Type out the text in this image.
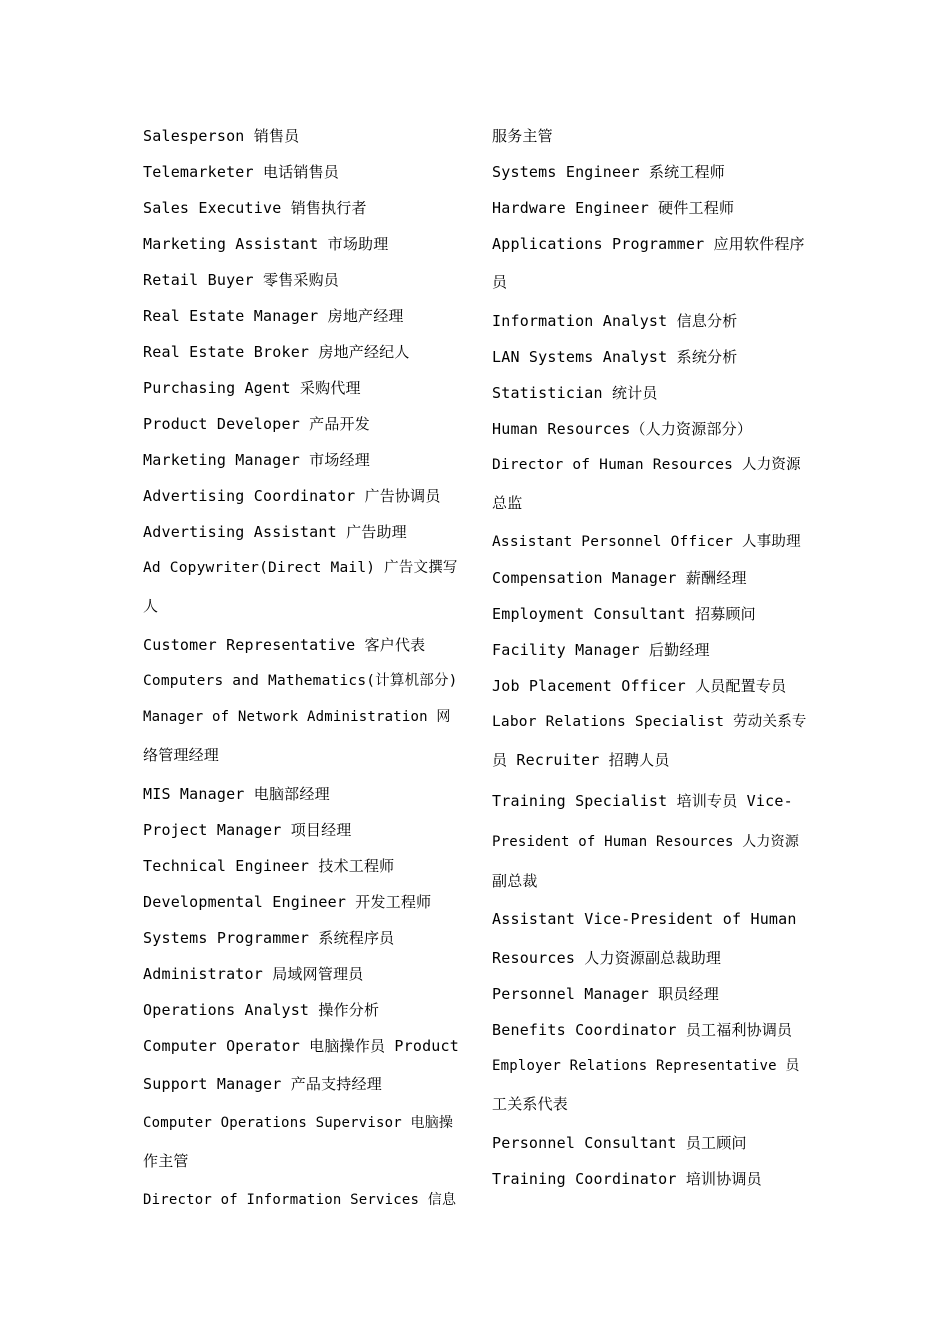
Salesperson 销售员
Telemarketer 电话销售员
Sales Executive 销售执行者
Marketing Assistant 市场助理
Retail Buyer 零售采购员
Real Estate Manager 房地产经理
Real Estate Broker 房地产经纪人
Purchasing Agent 采购代理
Product Developer 产品开发
Marketing Manager 市场经理
Advertising Coordinator 广告协调员
Advertising Assistant 广告助理
Ad Copywriter(Direct Mail) 广告文撰写
人
Customer Representative 客户代表
Computers and Mathematics(计算机部分)
Manager of Network Administration 网
络管理经理
MIS Manager 电脑部经理
Project Manager 项目经理
Technical Engineer 技术工程师
Developmental Engineer 开发工程师
Systems Programmer 系统程序员
Administrator 局域网管理员
Operations Analyst 操作分析
Computer Operator 电脑操作员 Product
Support Manager 产品支持经理
Computer Operations Supervisor 电脑操
作主管
Director of Information Services 信息
服务主管
Systems Engineer 系统工程师
Hardware Engineer 硬件工程师
Applications Programmer 应用软件程序
员
Information Analyst 信息分析
LAN Systems Analyst 系统分析
Statistician 统计员
Human Resources（人力资源部分）
Director of Human Resources 人力资源
总监
Assistant Personnel Officer 人事助理
Compensation Manager 薪酬经理
Employment Consultant 招募顾问
Facility Manager 后勤经理
Job Placement Officer 人员配置专员
Labor Relations Specialist 劳动关系专
员 Recruiter 招聘人员
Training Specialist 培训专员 Vice-
President of Human Resources 人力资源
副总裁
Assistant Vice-President of Human
Resources 人力资源副总裁助理
Personnel Manager 职员经理
Benefits Coordinator 员工福利协调员
Employer Relations Representative 员
工关系代表
Personnel Consultant 员工顾问
Training Coordinator 培训协调员
